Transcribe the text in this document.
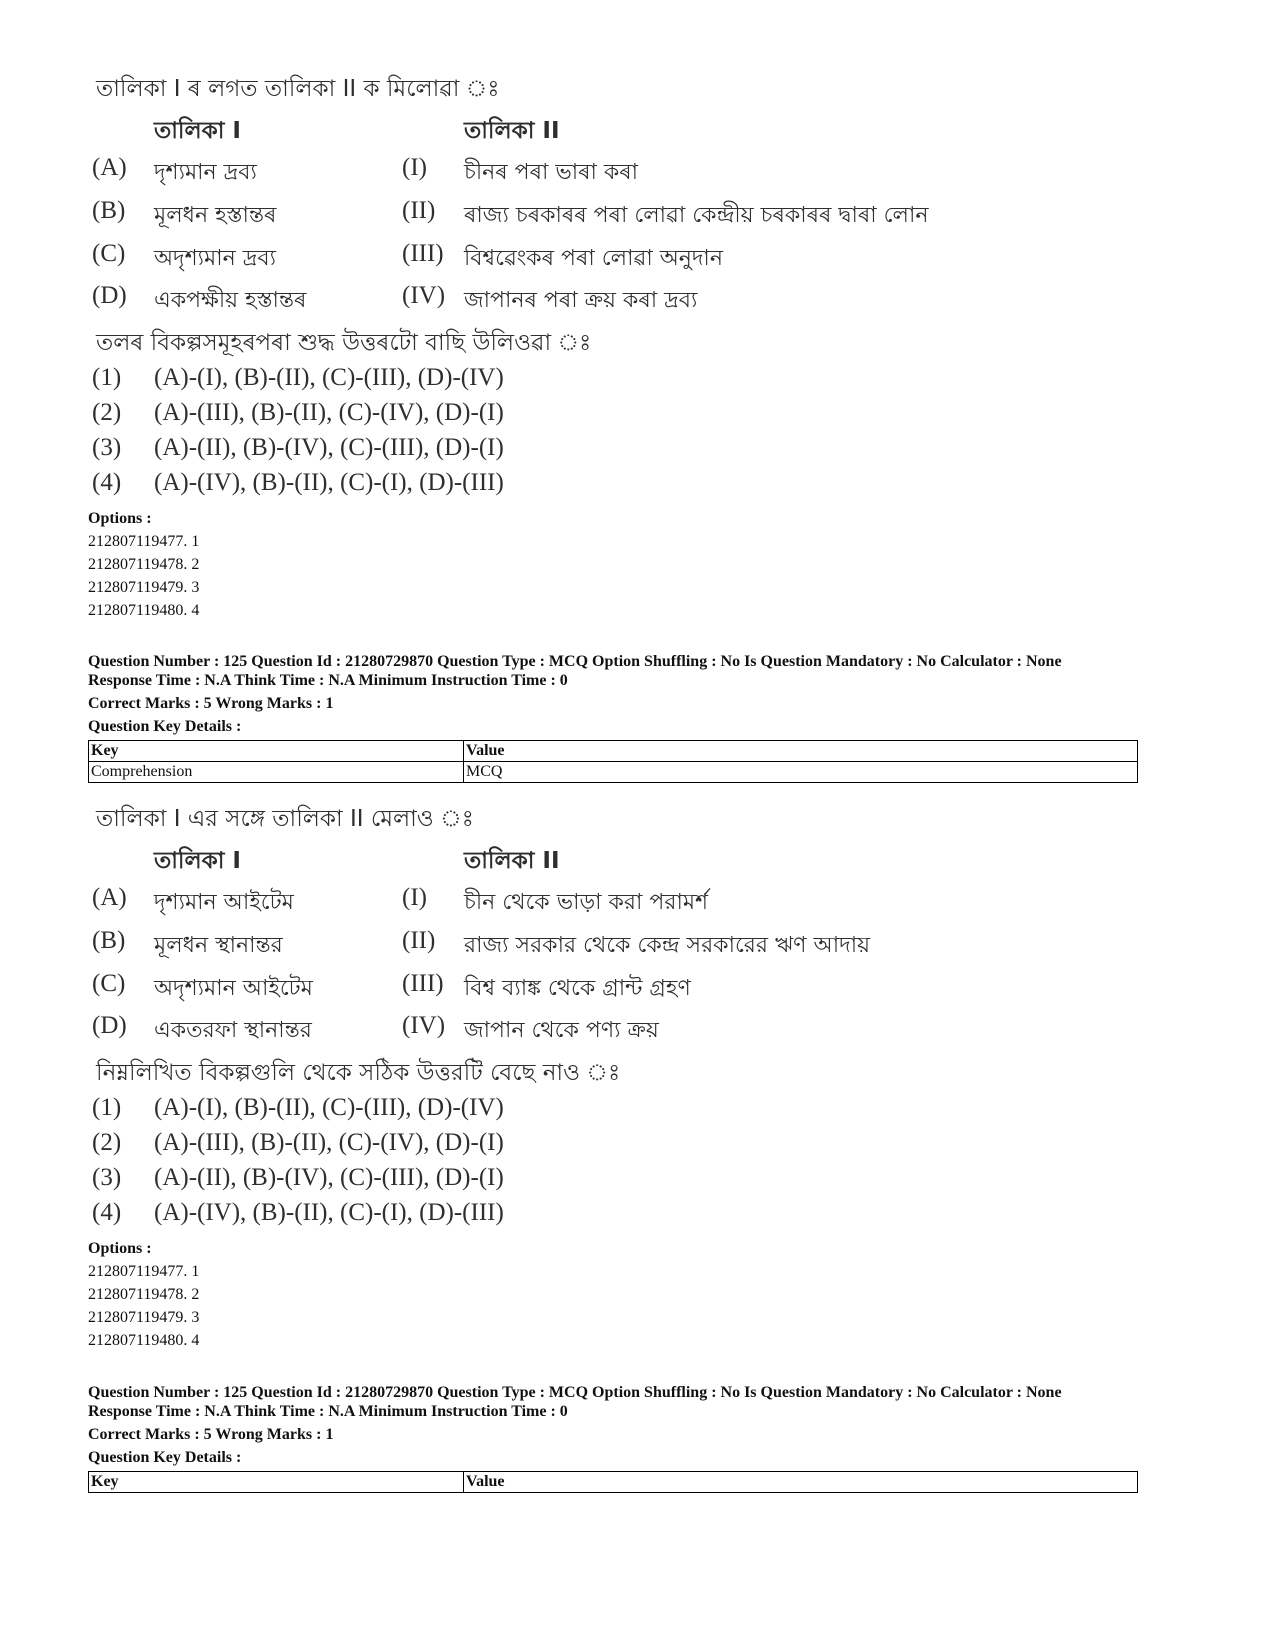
তালিকা I ৰ লগত তালিকা II ক মিলোৱা ঃ
তালিকা I	তালিকা II
(A) দৃশ্যমান দ্ৰব্য	(I) চীনৰ পৰা ভাৰা কৰা
(B) মূলধন হস্তান্তৰ	(II) ৰাজ্য চৰকাৰৰ পৰা লোৱা কেন্দ্ৰীয় চৰকাৰৰ দ্বাৰা লোন
(C) অদৃশ্যমান দ্ৰব্য	(III) বিশ্বৱেংকৰ পৰা লোৱা অনুদান
(D) একপক্ষীয় হস্তান্তৰ	(IV) জাপানৰ পৰা ক্ৰয় কৰা দ্ৰব্য
তলৰ বিকল্পসমূহৰপৰা শুদ্ধ উত্তৰটো বাছি উলিওৱা ঃ
(1) (A)-(I), (B)-(II), (C)-(III), (D)-(IV)
(2) (A)-(III), (B)-(II), (C)-(IV), (D)-(I)
(3) (A)-(II), (B)-(IV), (C)-(III), (D)-(I)
(4) (A)-(IV), (B)-(II), (C)-(I), (D)-(III)
Options :
212807119477. 1
212807119478. 2
212807119479. 3
212807119480. 4
Question Number : 125 Question Id : 21280729870 Question Type : MCQ Option Shuffling : No Is Question Mandatory : No Calculator : None
Response Time : N.A Think Time : N.A Minimum Instruction Time : 0
Correct Marks : 5 Wrong Marks : 1
Question Key Details :
Key	Value
Comprehension	MCQ
তালিকা I এর সঙ্গে তালিকা II মেলাও ঃ
তালিকা I	তালিকা II
(A) দৃশ্যমান আইটেম	(I) চীন থেকে ভাড়া করা পরামর্শ
(B) মূলধন স্থানান্তর	(II) রাজ্য সরকার থেকে কেন্দ্র সরকারের ঋণ আদায়
(C) অদৃশ্যমান আইটেম	(III) বিশ্ব ব্যাঙ্ক থেকে গ্রান্ট গ্রহণ
(D) একতরফা স্থানান্তর	(IV) জাপান থেকে পণ্য ক্রয়
নিম্নলিখিত বিকল্পগুলি থেকে সঠিক উত্তরটি বেছে নাও ঃ
(1) (A)-(I), (B)-(II), (C)-(III), (D)-(IV)
(2) (A)-(III), (B)-(II), (C)-(IV), (D)-(I)
(3) (A)-(II), (B)-(IV), (C)-(III), (D)-(I)
(4) (A)-(IV), (B)-(II), (C)-(I), (D)-(III)
Options :
212807119477. 1
212807119478. 2
212807119479. 3
212807119480. 4
Question Number : 125 Question Id : 21280729870 Question Type : MCQ Option Shuffling : No Is Question Mandatory : No Calculator : None
Response Time : N.A Think Time : N.A Minimum Instruction Time : 0
Correct Marks : 5 Wrong Marks : 1
Question Key Details :
Key	Value
